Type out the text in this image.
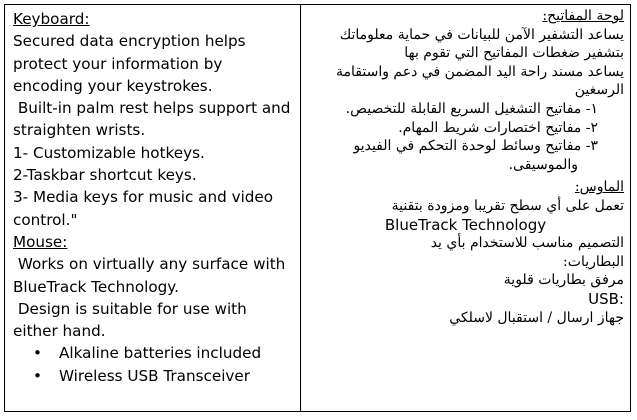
Keyboard:

Secured data encryption helps

protect your information by

encoding your keystrokes.

Built-in palm rest helps support and

straighten wrists.

1- Customizable hotkeys.

2-Taskbar shortcut keys.

3- Media keys for music and video

control."

Mouse:

Works on virtually any surface with

BlueTrack Technology.

Design is suitable for use with

either hand.

• Alkaline batteries included
• Wireless USB Transceiver

لوحة المفاتيح:

يساعد التشفير الآمن للبيانات في حماية معلوماتك

بتشفير ضغطات المفاتيح التي تقوم بها

يساعد مسند راحة اليد المضمن في دعم واستقامة

الرسغين

١- مفاتيح التشغيل السريع القابلة للتخصيص.

٢- مفاتيح اختصارات شريط المهام.

٣- مفاتيح وسائط لوحدة التحكم في الفيديو

والموسيقى.

الماوس:

تعمل على أي سطح تقريبا ومزودة بتقنية

BlueTrack Technology

التصميم مناسب للاستخدام بأي يد

البطاريات:

مرفق بطاريات قلوية

USB:

جهاز ارسال / استقبال لاسلكي
